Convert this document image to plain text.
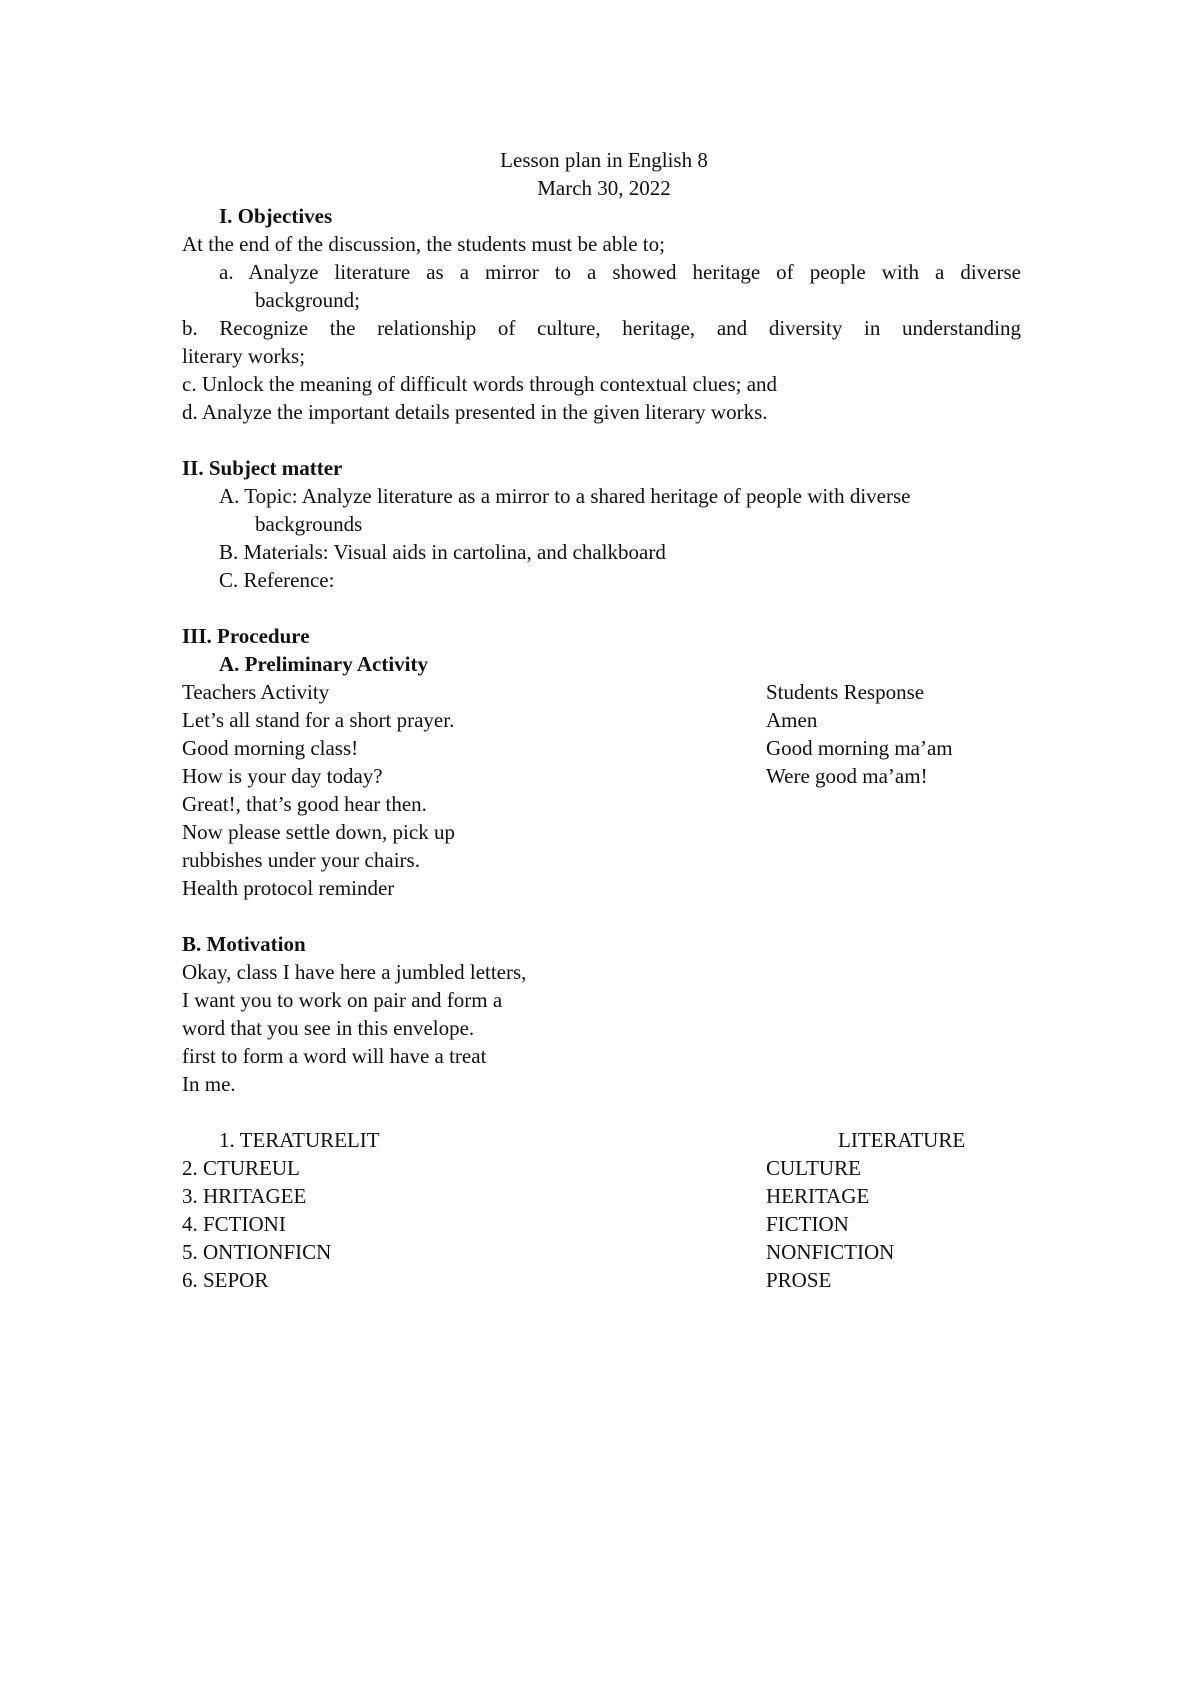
Lesson plan in English 8
March 30, 2022
I. Objectives
At the end of the discussion, the students must be able to;
a. Analyze literature as a mirror to a showed heritage of people with a diverse
background;
b. Recognize the relationship of culture, heritage, and diversity in understanding
literary works;
c. Unlock the meaning of difficult words through contextual clues; and
d. Analyze the important details presented in the given literary works.
II. Subject matter
A. Topic: Analyze literature as a mirror to a shared heritage of people with diverse
backgrounds
B. Materials: Visual aids in cartolina, and chalkboard
C. Reference:
III. Procedure
A. Preliminary Activity
Teachers Activity	Students Response
Let’s all stand for a short prayer.
Good morning class!
How is your day today?
Great!, that’s good hear then.
Now please settle down, pick up
rubbishes under your chairs.
Health protocol reminder
Amen
Good morning ma’am
Were good ma’am!
B. Motivation
Okay, class I have here a jumbled letters,
I want you to work on pair and form a
word that you see in this envelope.
first to form a word will have a treat
In me.
1. TERATURELIT
2. CTUREUL
3. HRITAGEE
4. FCTIONI
5. ONTIONFICN
6. SEPOR
LITERATURE
CULTURE
HERITAGE
FICTION
NONFICTION
PROSE
